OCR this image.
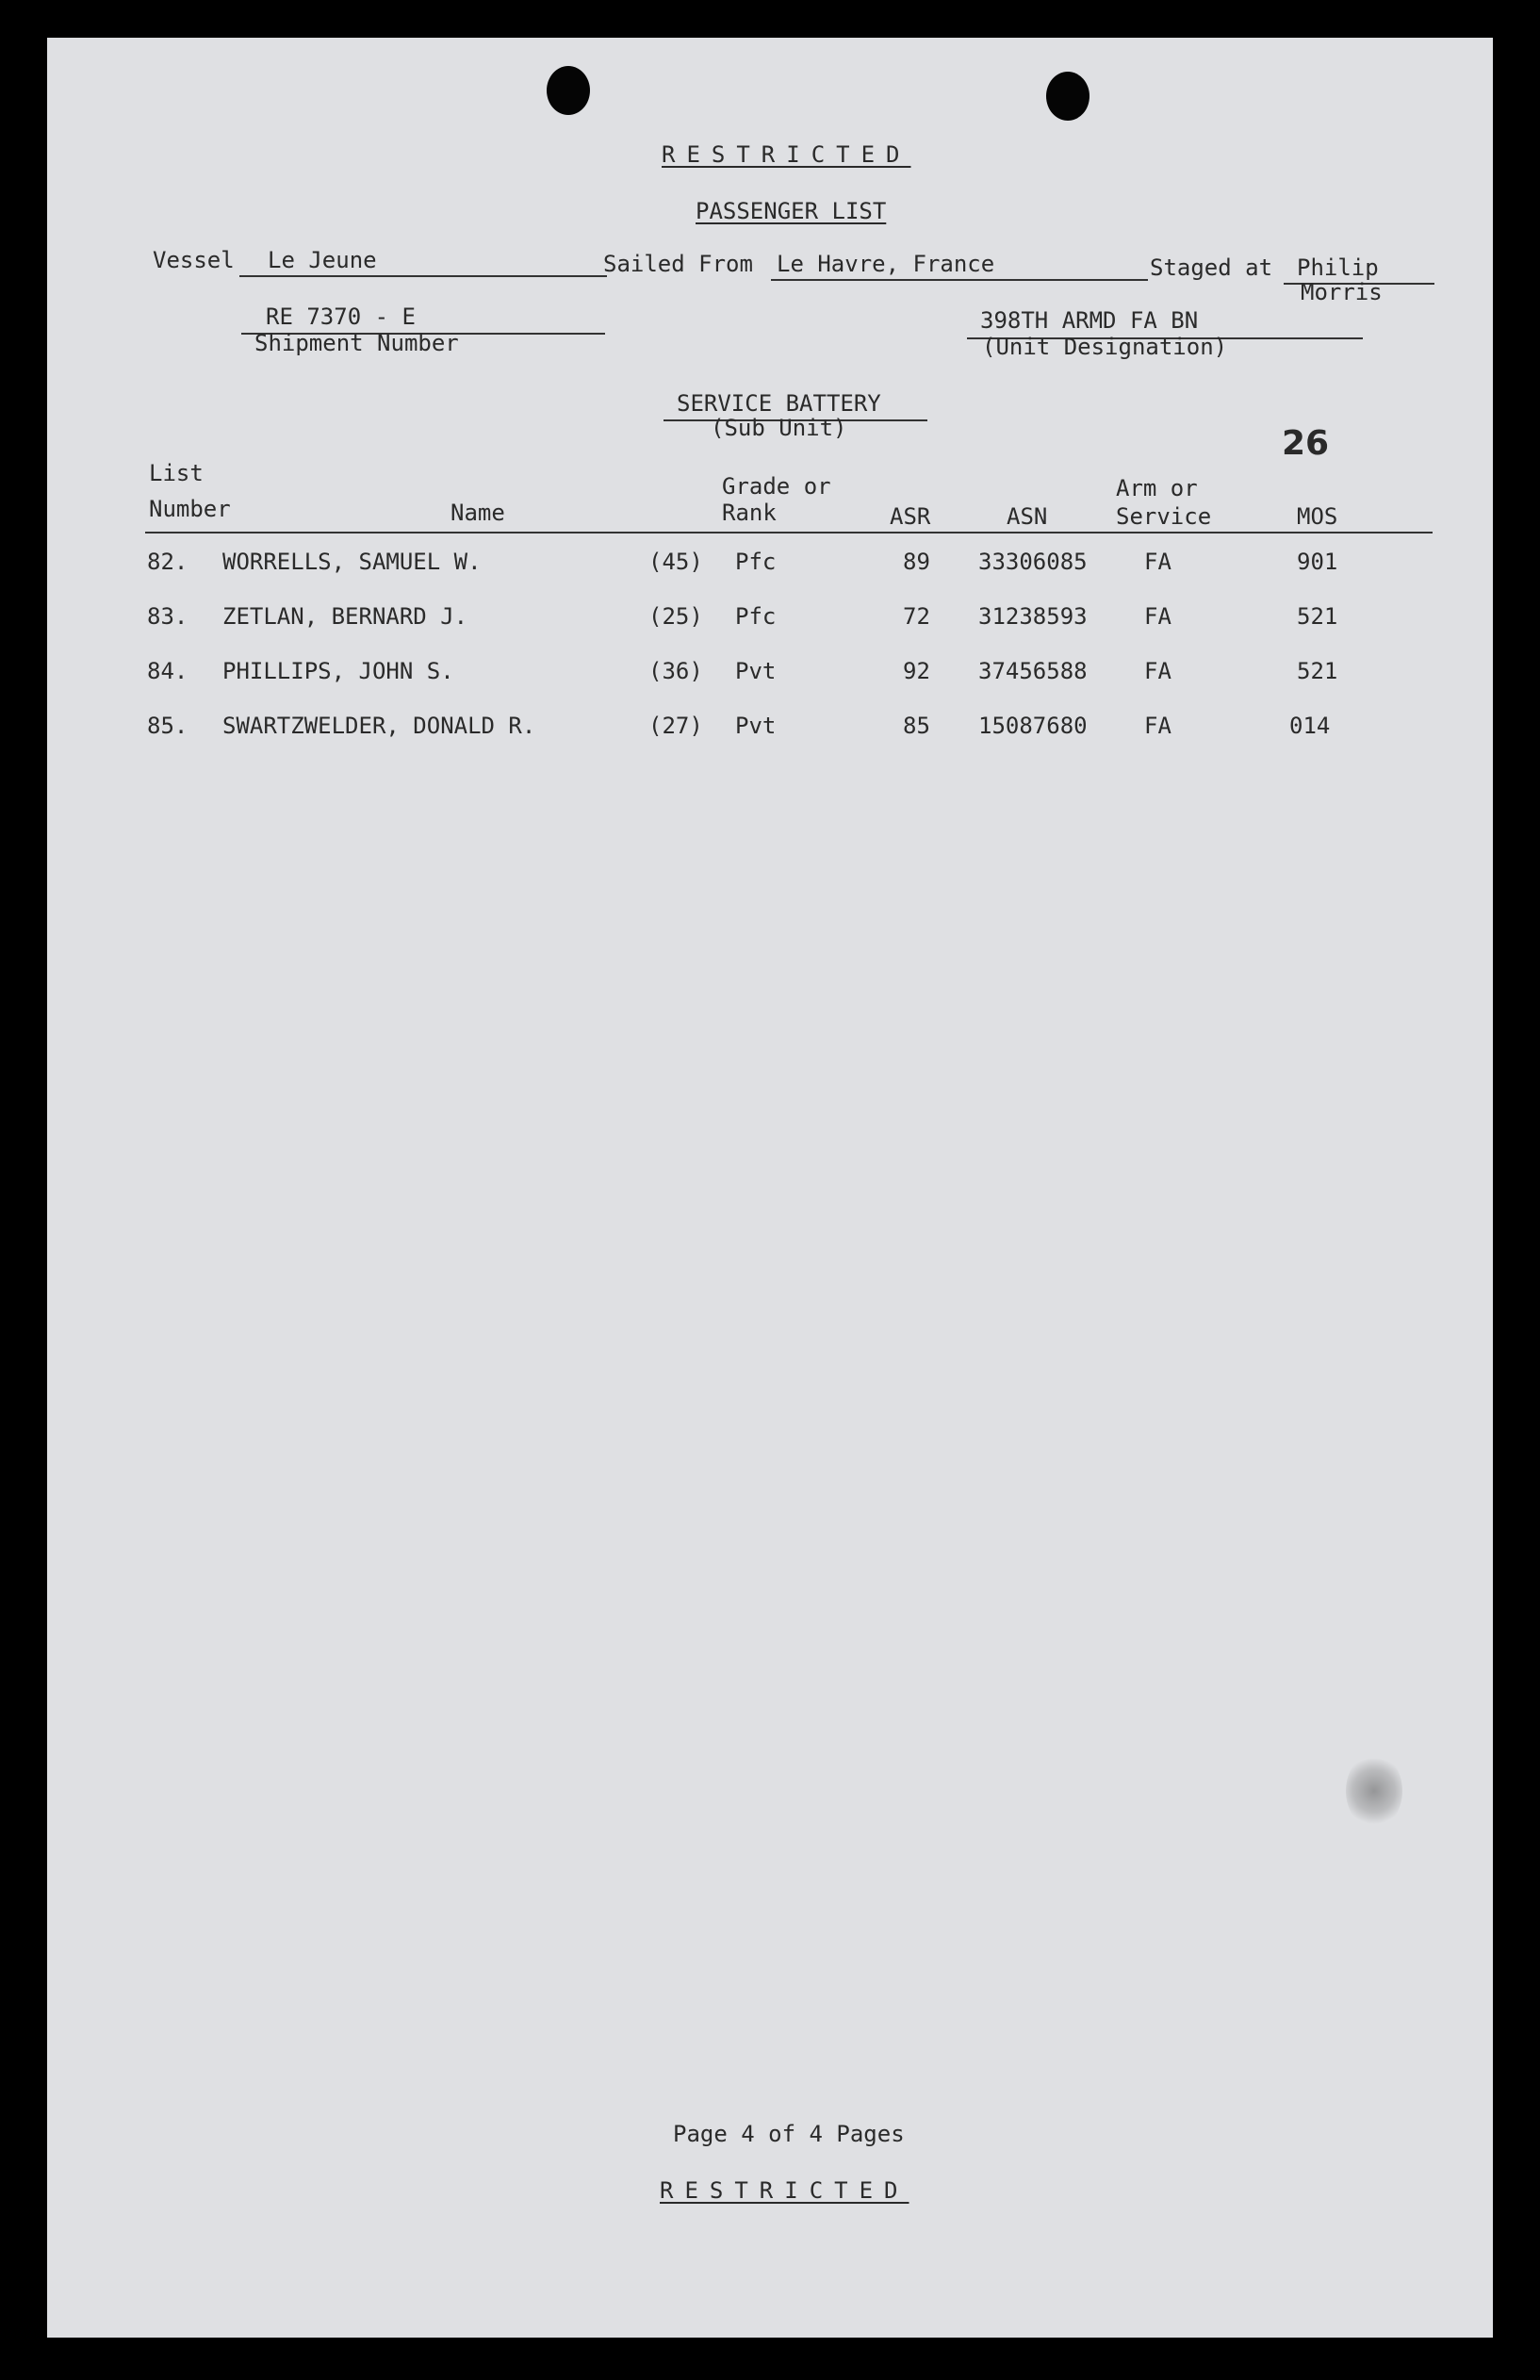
RESTRICTED
PASSENGER LIST
Vessel	Le Jeune	Sailed From Le Havre, France	Staged at	Philip
Morris
RE 7370 - E
Shipment Number
398TH ARMD FA BN
(Unit Designation)
SERVICE BATTERY
(Sub Unit)	26
List
Number	Name
Grade or
Rank	ASR	ASN
Arm or
Service	MOS
82. WORRELLS, SAMUEL W.	(45) Pfc	89 33306085	FA	901
83. ZETLAN, BERNARD J.	(25) Pfc	72 31238593	FA	521
84. PHILLIPS, JOHN S.	(36) Pvt	92 37456588	FA	521
85. SWARTZWELDER, DONALD R.	(27) Pvt	85 15087680	FA	014
Page 4 of 4 Pages
RESTRICTED
